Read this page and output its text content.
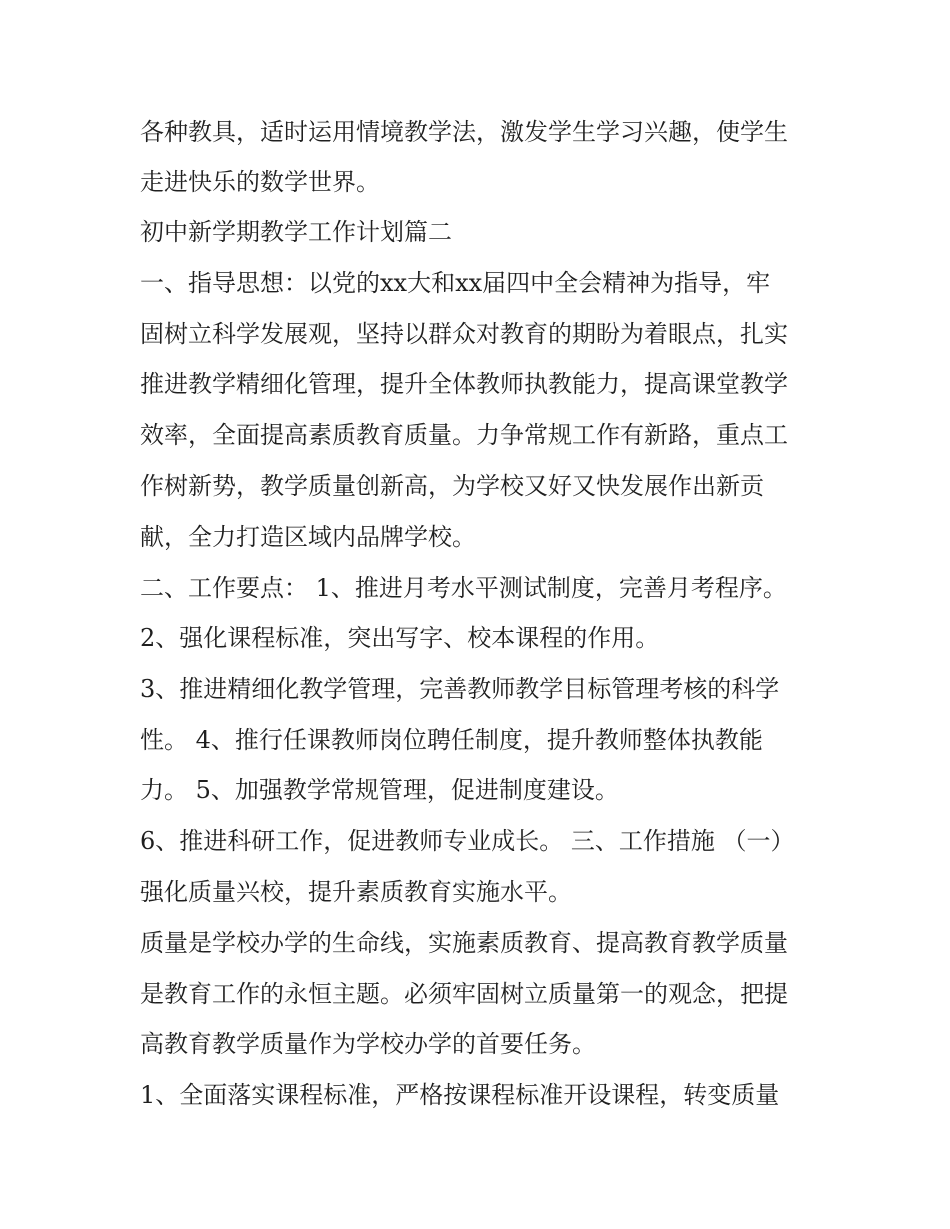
各种教具，适时运用情境教学法，激发学生学习兴趣，使学生
走进快乐的数学世界。
初中新学期教学工作计划篇二
一、指导思想：以党的xx大和xx届四中全会精神为指导，牢
固树立科学发展观，坚持以群众对教育的期盼为着眼点，扎实
推进教学精细化管理，提升全体教师执教能力，提高课堂教学
效率，全面提高素质教育质量。力争常规工作有新路，重点工
作树新势，教学质量创新高，为学校又好又快发展作出新贡
献，全力打造区域内品牌学校。
二、工作要点： 1、推进月考水平测试制度，完善月考程序。
2、强化课程标准，突出写字、校本课程的作用。
3、推进精细化教学管理，完善教师教学目标管理考核的科学
性。 4、推行任课教师岗位聘任制度，提升教师整体执教能
力。 5、加强教学常规管理，促进制度建设。
6、推进科研工作，促进教师专业成长。 三、工作措施 （一）
强化质量兴校，提升素质教育实施水平。
质量是学校办学的生命线，实施素质教育、提高教育教学质量
是教育工作的永恒主题。必须牢固树立质量第一的观念，把提
高教育教学质量作为学校办学的首要任务。
1、全面落实课程标准，严格按课程标准开设课程，转变质量
